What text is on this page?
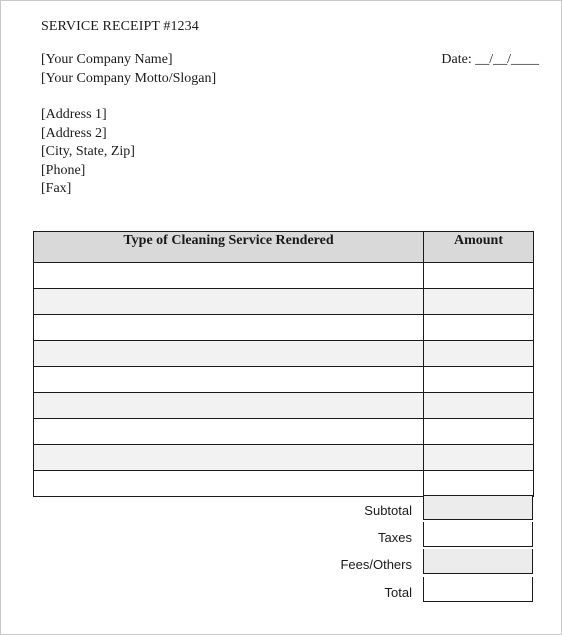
SERVICE RECEIPT #1234
[Your Company Name]
[Your Company Motto/Slogan]
Date: __/__/____
[Address 1]
[Address 2]
[City, State, Zip]
[Phone]
[Fax]
Type of Cleaning Service Rendered	Amount

Subtotal
Taxes
Fees/Others
Total
